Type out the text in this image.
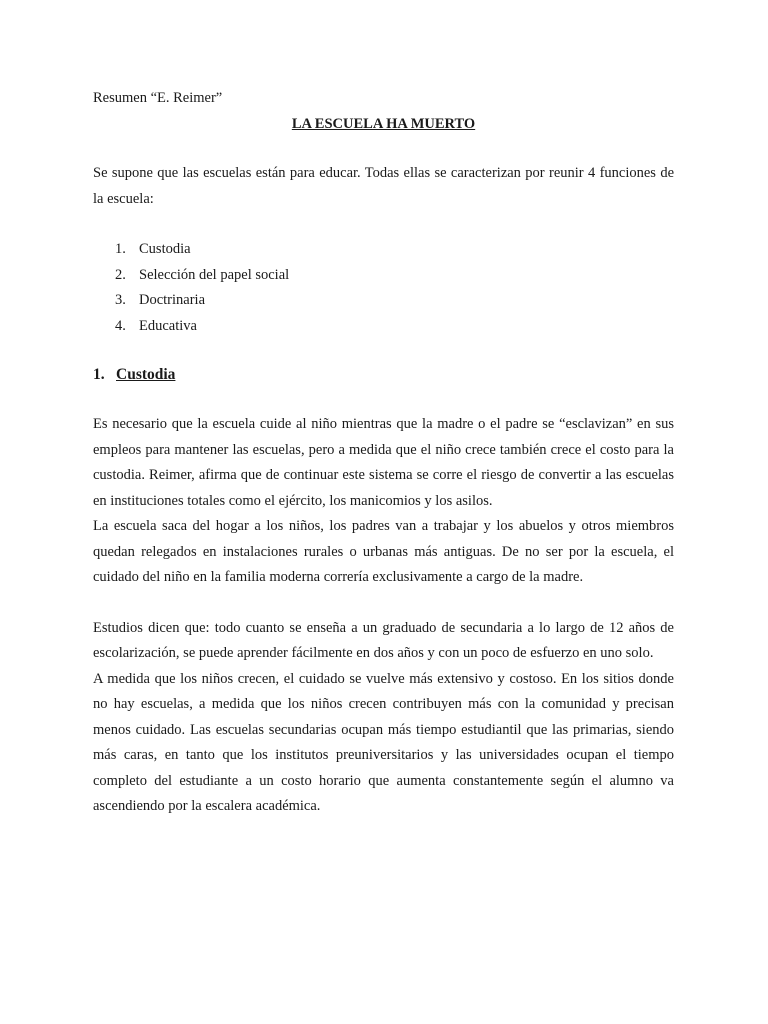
Resumen “E. Reimer”

LA ESCUELA HA MUERTO

Se supone que las escuelas están para educar. Todas ellas se caracterizan por reunir 4 funciones de la escuela:

1. Custodia
2. Selección del papel social
3. Doctrinaria
4. Educativa

1. Custodia

Es necesario que la escuela cuide al niño mientras que la madre o el padre se “esclavizan” en sus empleos para mantener las escuelas, pero a medida que el niño crece también crece el costo para la custodia. Reimer, afirma que de continuar este sistema se corre el riesgo de convertir a las escuelas en instituciones totales como el ejército, los manicomios y los asilos.

La escuela saca del hogar a los niños, los padres van a trabajar y los abuelos y otros miembros quedan relegados en instalaciones rurales o urbanas más antiguas. De no ser por la escuela, el cuidado del niño en la familia moderna correría exclusivamente a cargo de la madre.

Estudios dicen que: todo cuanto se enseña a un graduado de secundaria a lo largo de 12 años de escolarización, se puede aprender fácilmente en dos años y con un poco de esfuerzo en uno solo.

A medida que los niños crecen, el cuidado se vuelve más extensivo y costoso. En los sitios donde no hay escuelas, a medida que los niños crecen contribuyen más con la comunidad y precisan menos cuidado. Las escuelas secundarias ocupan más tiempo estudiantil que las primarias, siendo más caras, en tanto que los institutos preuniversitarios y las universidades ocupan el tiempo completo del estudiante a un costo horario que aumenta constantemente según el alumno va ascendiendo por la escalera académica.
